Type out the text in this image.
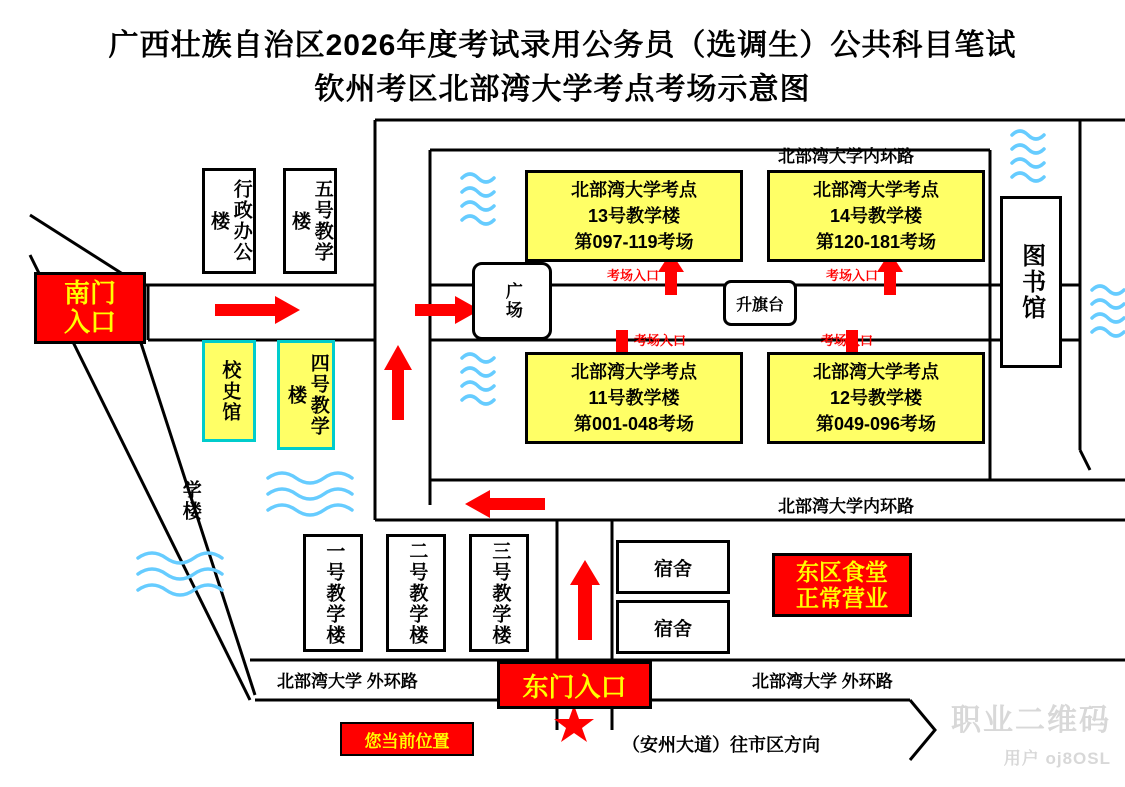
广西壮族自治区2026年度考试录用公务员（选调生）公共科目笔试
钦州考区北部湾大学考点考场示意图
北部湾大学内环路
北部湾大学内环路
北部湾大学 外环路	北部湾大学 外环路
（安州大道）往市区方向
南门
入口
东门入口
您当前位置
行政办公楼	五号教学楼
校史馆	四号教学楼
学楼
一号教学楼	二号教学楼	三号教学楼	宿舍
宿舍
东区食堂
正常营业
广场	升旗台	图书馆
北部湾大学考点
13号教学楼
第097-119考场
北部湾大学考点
14号教学楼
第120-181考场
北部湾大学考点
11号教学楼
第001-048考场
北部湾大学考点
12号教学楼
第049-096考场
考场入口	考场入口
考场入口	考场入口
职业二维码
用户 oj8OSL
